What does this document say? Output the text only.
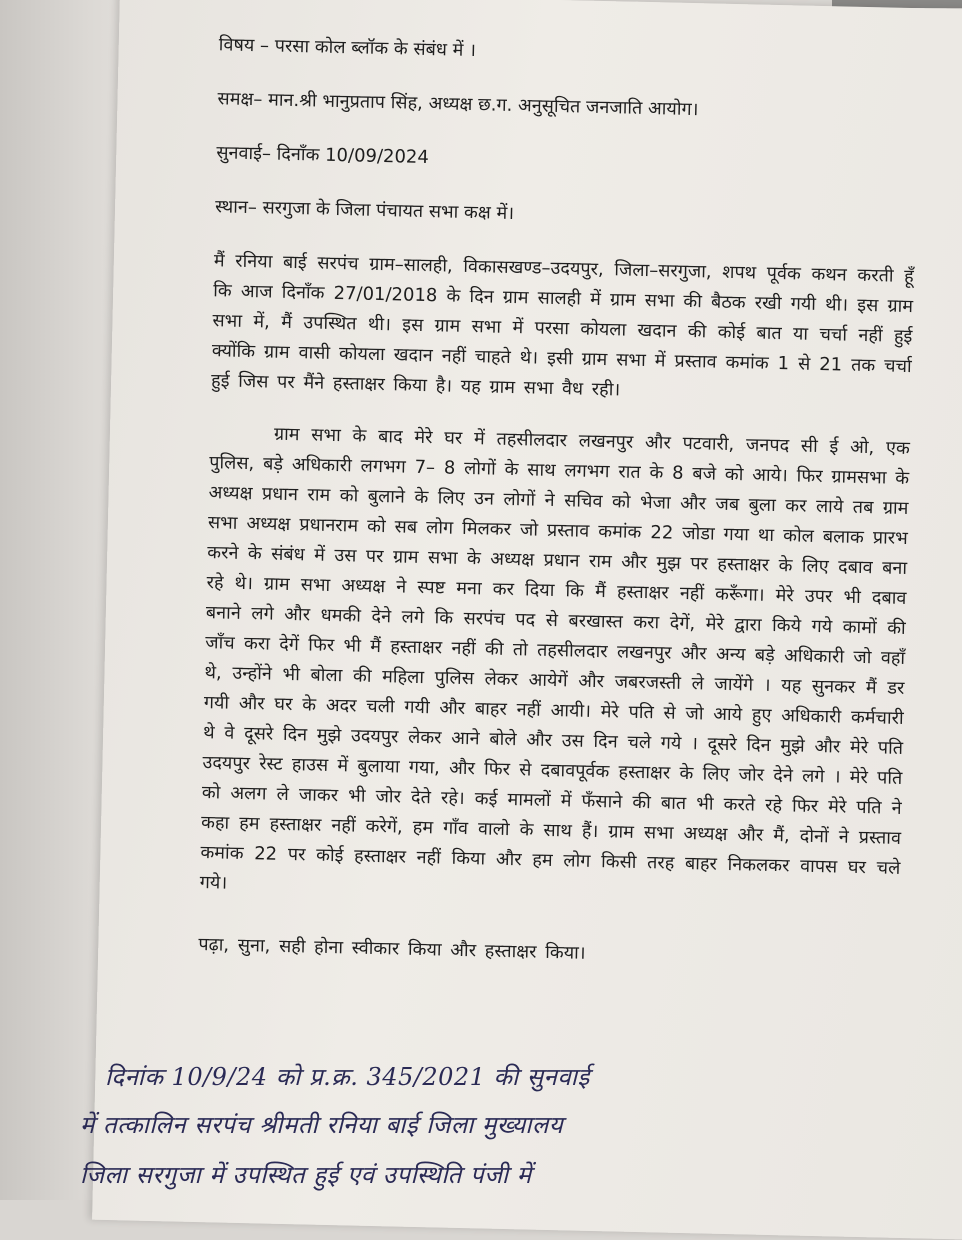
विषय – परसा कोल ब्लॉक के संबंध में ।

समक्ष– मान.श्री भानुप्रताप सिंह, अध्यक्ष छ.ग. अनुसूचित जनजाति आयोग।

सुनवाई– दिनाँक 10/09/2024

स्थान– सरगुजा के जिला पंचायत सभा कक्ष में।

मैं रनिया बाई सरपंच ग्राम–सालही, विकासखण्ड–उदयपुर, जिला–सरगुजा, शपथ पूर्वक कथन करती हूँ कि आज दिनाँक 27/01/2018 के दिन ग्राम सालही में ग्राम सभा की बैठक रखी गयी थी। इस ग्राम सभा में, मैं उपस्थित थी। इस ग्राम सभा में परसा कोयला खदान की कोई बात या चर्चा नहीं हुई क्योंकि ग्राम वासी कोयला खदान नहीं चाहते थे। इसी ग्राम सभा में प्रस्ताव कमांक 1 से 21 तक चर्चा हुई जिस पर मैंने हस्ताक्षर किया है। यह ग्राम सभा वैध रही।

ग्राम सभा के बाद मेरे घर में तहसीलदार लखनपुर और पटवारी, जनपद सी ई ओ, एक पुलिस, बड़े अधिकारी लगभग 7– 8 लोगों के साथ लगभग रात के 8 बजे को आये। फिर ग्रामसभा के अध्यक्ष प्रधान राम को बुलाने के लिए उन लोगों ने सचिव को भेजा और जब बुला कर लाये तब ग्राम सभा अध्यक्ष प्रधानराम को सब लोग मिलकर जो प्रस्ताव कमांक 22 जोडा गया था कोल बलाक प्रारभ करने के संबंध में उस पर ग्राम सभा के अध्यक्ष प्रधान राम और मुझ पर हस्ताक्षर के लिए दबाव बना रहे थे। ग्राम सभा अध्यक्ष ने स्पष्ट मना कर दिया कि मैं हस्ताक्षर नहीं करूँगा। मेरे उपर भी दबाव बनाने लगे और धमकी देने लगे कि सरपंच पद से बरखास्त करा देगें, मेरे द्वारा किये गये कामों की जाँच करा देगें फिर भी मैं हस्ताक्षर नहीं की तो तहसीलदार लखनपुर और अन्य बड़े अधिकारी जो वहाँ थे, उन्होंने भी बोला की महिला पुलिस लेकर आयेगें और जबरजस्ती ले जायेंगे । यह सुनकर मैं डर गयी और घर के अदर चली गयी और बाहर नहीं आयी। मेरे पति से जो आये हुए अधिकारी कर्मचारी थे वे दूसरे दिन मुझे उदयपुर लेकर आने बोले और उस दिन चले गये । दूसरे दिन मुझे और मेरे पति उदयपुर रेस्ट हाउस में बुलाया गया, और फिर से दबावपूर्वक हस्ताक्षर के लिए जोर देने लगे । मेरे पति को अलग ले जाकर भी जोर देते रहे। कई मामलों में फँसाने की बात भी करते रहे फिर मेरे पति ने कहा हम हस्ताक्षर नहीं करेगें, हम गाँव वालो के साथ हैं। ग्राम सभा अध्यक्ष और मैं, दोनों ने प्रस्ताव कमांक 22 पर कोई हस्ताक्षर नहीं किया और हम लोग किसी तरह बाहर निकलकर वापस घर चले गये।

पढ़ा, सुना, सही होना स्वीकार किया और हस्ताक्षर किया।

दिनांक 10/9/24 को प्र.क्र. 345/2021 की सुनवाई
में तत्कालिन सरपंच श्रीमती रनिया बाई जिला मुख्यालय
जिला सरगुजा में उपस्थित हुई एवं उपस्थिति पंजी में
